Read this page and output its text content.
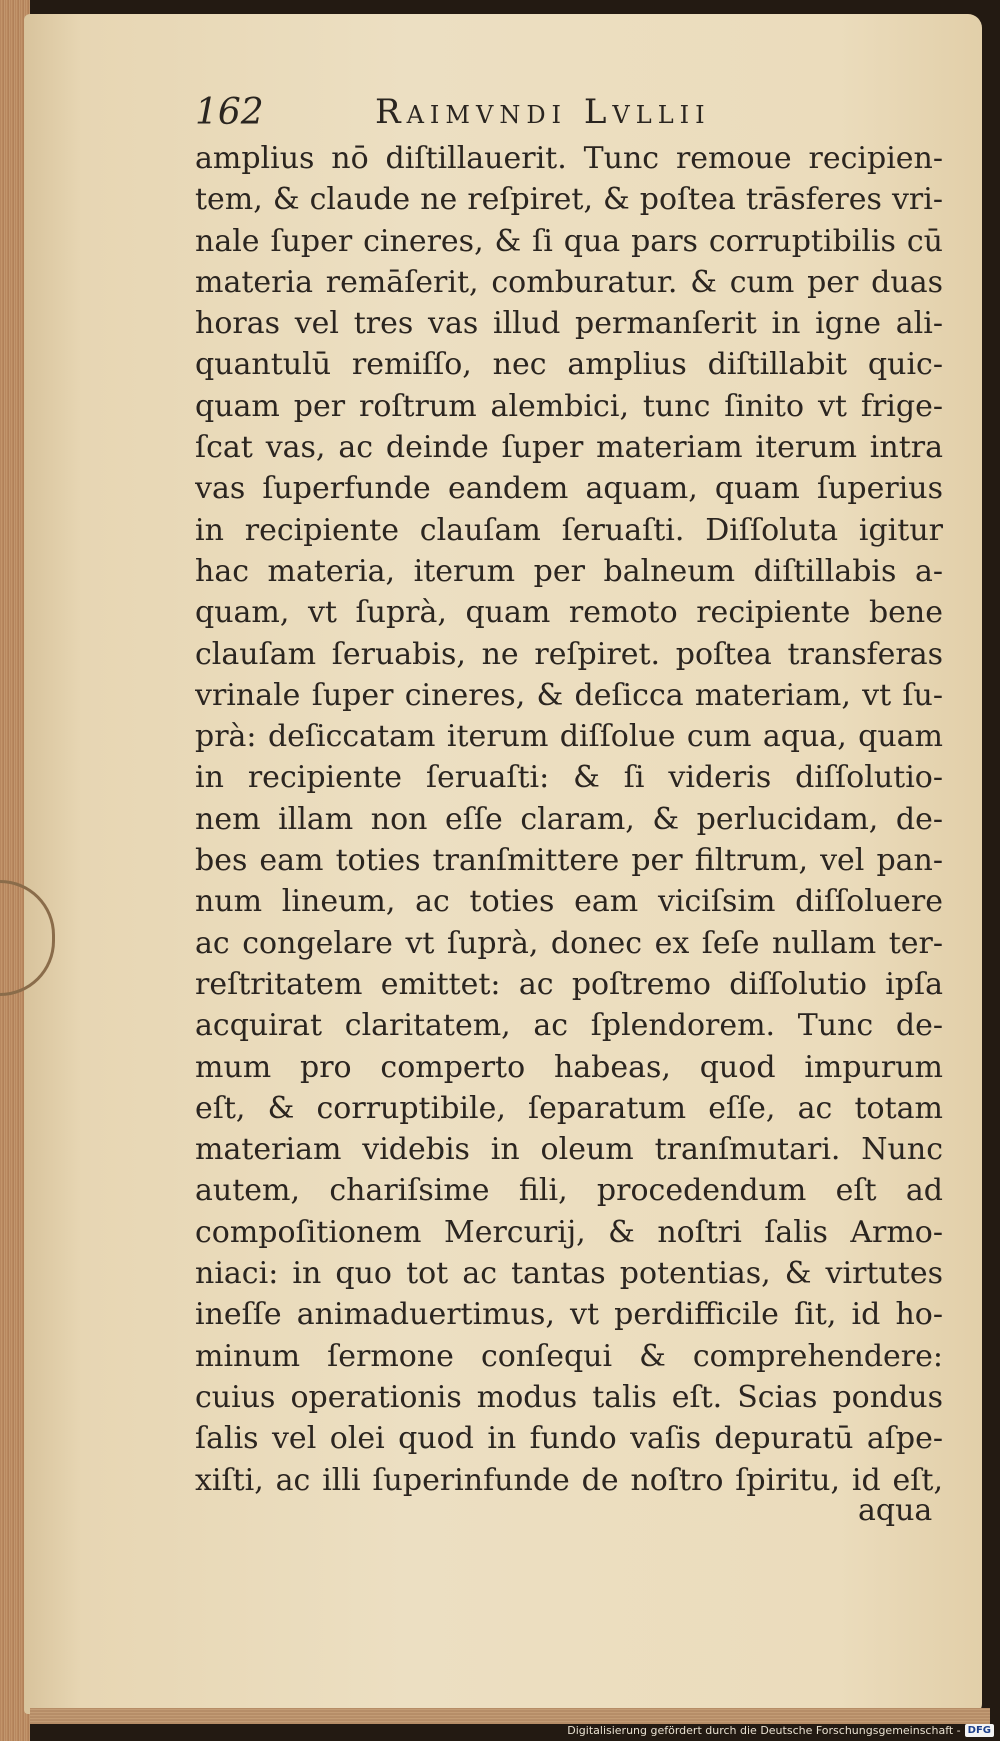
162	Raimvndi Lvllii
amplius nō diſtillauerit. Tunc remoue recipien-
tem, & claude ne reſpiret, & poſtea trāsferes vri-
nale ſuper cineres, & ſi qua pars corruptibilis cū
materia remāſerit, comburatur. & cum per duas
horas vel tres vas illud permanſerit in igne ali-
quantulū remiſſo, nec amplius diſtillabit quic-
quam per roſtrum alembici, tunc ſinito vt frige-
ſcat vas, ac deinde ſuper materiam iterum intra
vas ſuperfunde eandem aquam, quam ſuperius
in recipiente clauſam ſeruaſti. Diſſoluta igitur
hac materia, iterum per balneum diſtillabis a-
quam, vt ſuprà, quam remoto recipiente bene
clauſam ſeruabis, ne reſpiret. poſtea transferas
vrinale ſuper cineres, & deſicca materiam, vt ſu-
prà: deſiccatam iterum diſſolue cum aqua, quam
in recipiente ſeruaſti: & ſi videris diſſolutio-
nem illam non eſſe claram, & perlucidam, de-
bes eam toties tranſmittere per filtrum, vel pan-
num lineum, ac toties eam viciſsim diſſoluere
ac congelare vt ſuprà, donec ex ſeſe nullam ter-
reſtritatem emittet: ac poſtremo diſſolutio ipſa
acquirat claritatem, ac ſplendorem. Tunc de-
mum pro comperto habeas, quod impurum
eſt, & corruptibile, ſeparatum eſſe, ac totam
materiam videbis in oleum tranſmutari. Nunc
autem, chariſsime fili, procedendum eſt ad
compoſitionem Mercurij, & noſtri ſalis Armo-
niaci: in quo tot ac tantas potentias, & virtutes
ineſſe animaduertimus, vt perdifficile ſit, id ho-
minum ſermone conſequi & comprehendere:
cuius operationis modus talis eſt. Scias pondus
ſalis vel olei quod in fundo vaſis depuratū aſpe-
xiſti, ac illi ſuperinfunde de noſtro ſpiritu, id eſt,
aqua
Digitalisierung gefördert durch die Deutsche Forschungsgemeinschaft - DFG
